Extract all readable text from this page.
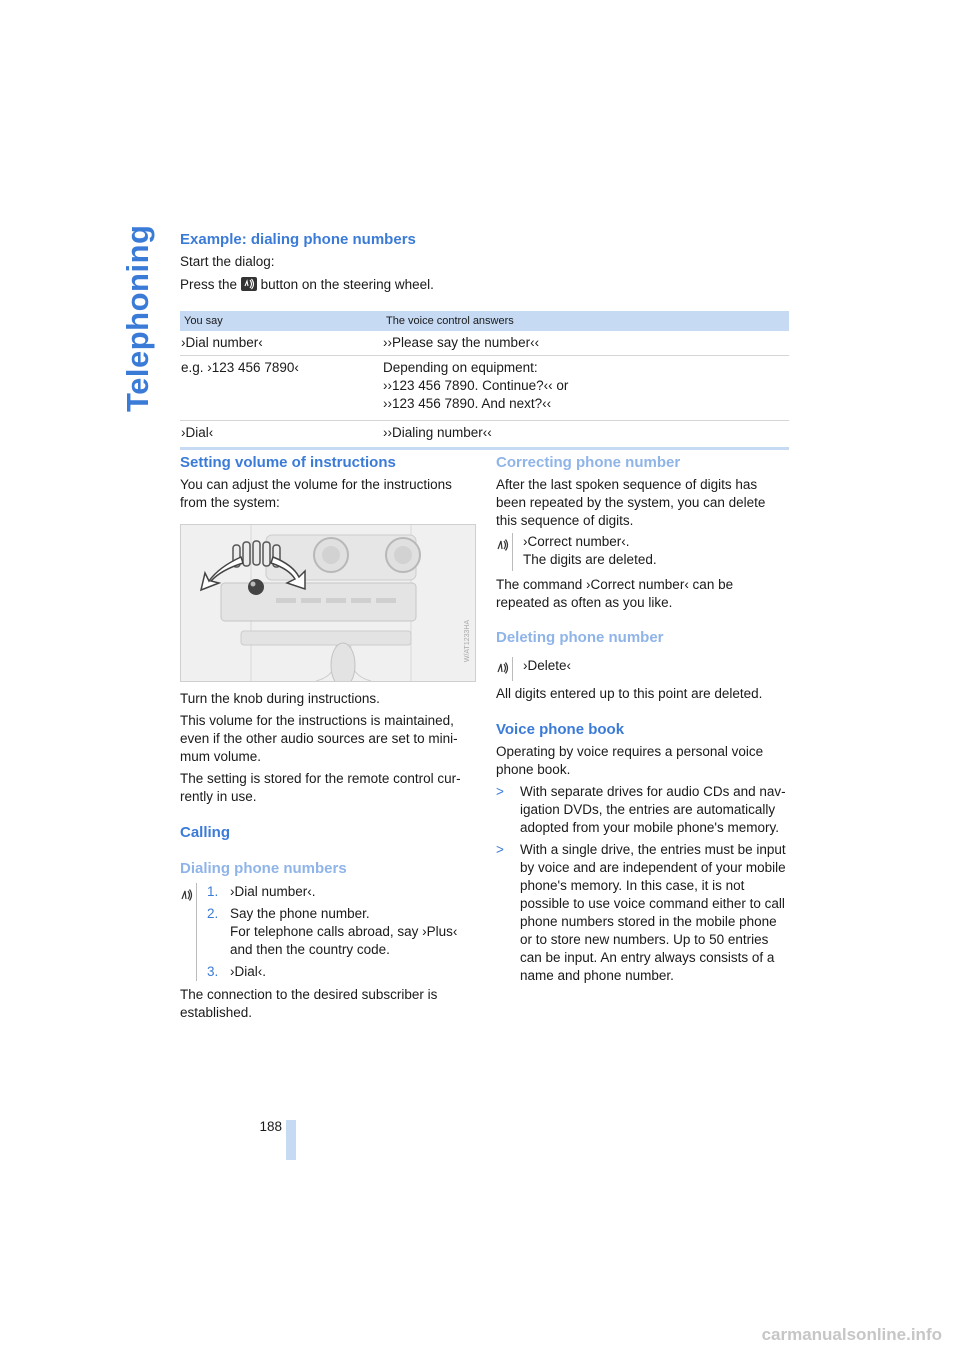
Telephoning Example: dialing phone numbers

Start the dialog:

Press the button on the steering wheel.

You say	The voice control answers
›Dial number‹	››Please say the number‹‹
e.g. ›123 456 7890‹	Depending on equipment:
››123 456 7890. Continue?‹‹ or
››123 456 7890. And next?‹‹

›Dial‹	››Dialing number‹‹
Setting volume of instructions

You can adjust the volume for the instructions from the system:

W/AT1233HA

Turn the knob during instructions.

This volume for the instructions is maintained, even if the other audio sources are set to mini-mum volume.

The setting is stored for the remote control cur-rently in use.

Calling
Dialing phone numbers
1. ›Dial number‹.
2. Say the phone number.
For telephone calls abroad, say ›Plus‹ and then the country code.
3. ›Dial‹.

The connection to the desired subscriber is established.

Correcting phone number

After the last spoken sequence of digits has been repeated by the system, you can delete this sequence of digits.

›Correct number‹.
The digits are deleted.

The command ›Correct number‹ can be repeated as often as you like.

Deleting phone number
›Delete‹

All digits entered up to this point are deleted.

Voice phone book

Operating by voice requires a personal voice phone book.

> With separate drives for audio CDs and nav-igation DVDs, the entries are automatically adopted from your mobile phone's memory.
> With a single drive, the entries must be input by voice and are independent of your mobile phone's memory. In this case, it is not possible to use voice command either to call phone numbers stored in the mobile phone or to store new numbers. Up to 50 entries can be input. An entry always consists of a name and phone number.
188
carmanualsonline.info
